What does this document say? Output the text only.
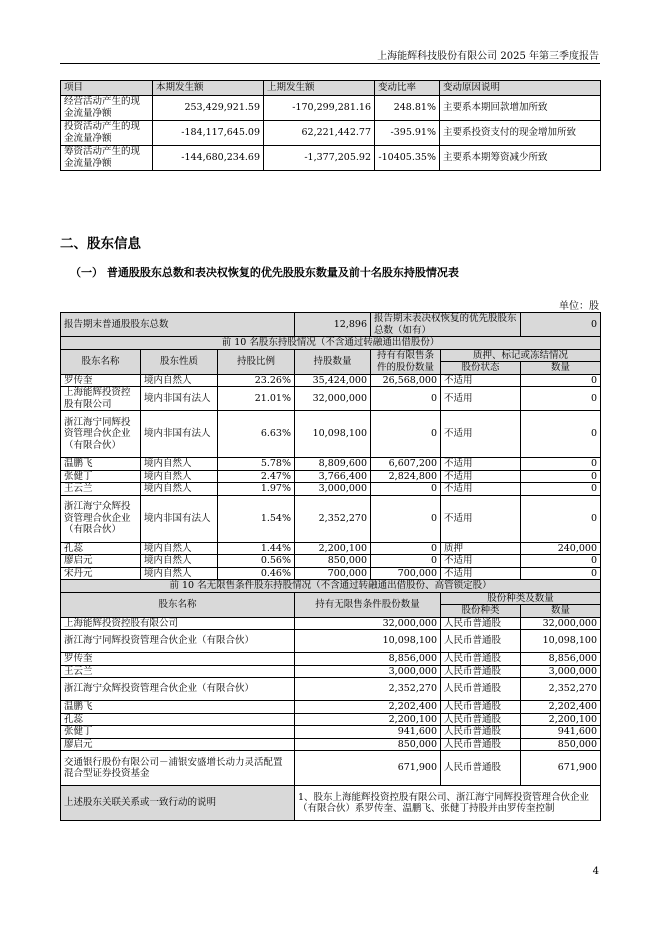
上海能辉科技股份有限公司 2025 年第三季度报告
项目	本期发生额	上期发生额	变动比率	变动原因说明
经营活动产生的现金流量净额	253,429,921.59	-170,299,281.16	248.81%	主要系本期回款增加所致
投资活动产生的现金流量净额	-184,117,645.09	62,221,442.77	-395.91%	主要系投资支付的现金增加所致
筹资活动产生的现金流量净额	-144,680,234.69	-1,377,205.92	-10405.35%	主要系本期筹资减少所致
二、股东信息
（一） 普通股股东总数和表决权恢复的优先股股东数量及前十名股东持股情况表
单位：股
报告期末普通股股东总数			12,896	报告期末表决权恢复的优先股股东总数（如有）		0
前 10 名股东持股情况（不含通过转融通出借股份）						
股东名称	股东性质	持股比例	持股数量	持有有限售条件的股份数量	质押、标记或冻结情况	
					股份状态	数量
罗传奎	境内自然人	23.26%	35,424,000	26,568,000	不适用	0
上海能辉投资控股有限公司	境内非国有法人	21.01%	32,000,000	0	不适用	0
浙江海宁同辉投资管理合伙企业（有限合伙）	境内非国有法人	6.63%	10,098,100	0	不适用	0
温鹏飞	境内自然人	5.78%	8,809,600	6,607,200	不适用	0
张健丁	境内自然人	2.47%	3,766,400	2,824,800	不适用	0
王云兰	境内自然人	1.97%	3,000,000	0	不适用	0
浙江海宁众辉投资管理合伙企业（有限合伙）	境内非国有法人	1.54%	2,352,270	0	不适用	0
孔蕊	境内自然人	1.44%	2,200,100	0	质押	240,000
廖启元	境内自然人	0.56%	850,000	0	不适用	0
宋丹元	境内自然人	0.46%	700,000	700,000	不适用	0
前 10 名无限售条件股东持股情况（不含通过转融通出借股份、高管锁定股）						
股东名称			持有无限售条件股份数量		股份种类及数量	
					股份种类	数量
上海能辉投资控股有限公司			32,000,000		人民币普通股	32,000,000
浙江海宁同辉投资管理合伙企业（有限合伙）			10,098,100		人民币普通股	10,098,100
罗传奎			8,856,000		人民币普通股	8,856,000
王云兰			3,000,000		人民币普通股	3,000,000
浙江海宁众辉投资管理合伙企业（有限合伙）			2,352,270		人民币普通股	2,352,270
温鹏飞			2,202,400		人民币普通股	2,202,400
孔蕊			2,200,100		人民币普通股	2,200,100
张健丁			941,600		人民币普通股	941,600
廖启元			850,000		人民币普通股	850,000
交通银行股份有限公司－浦银安盛增长动力灵活配置混合型证券投资基金			671,900		人民币普通股	671,900
上述股东关联关系或一致行动的说明			1、股东上海能辉投资控股有限公司、浙江海宁同辉投资管理合伙企业（有限合伙）系罗传奎、温鹏飞、张健丁持股并由罗传奎控制			
4
